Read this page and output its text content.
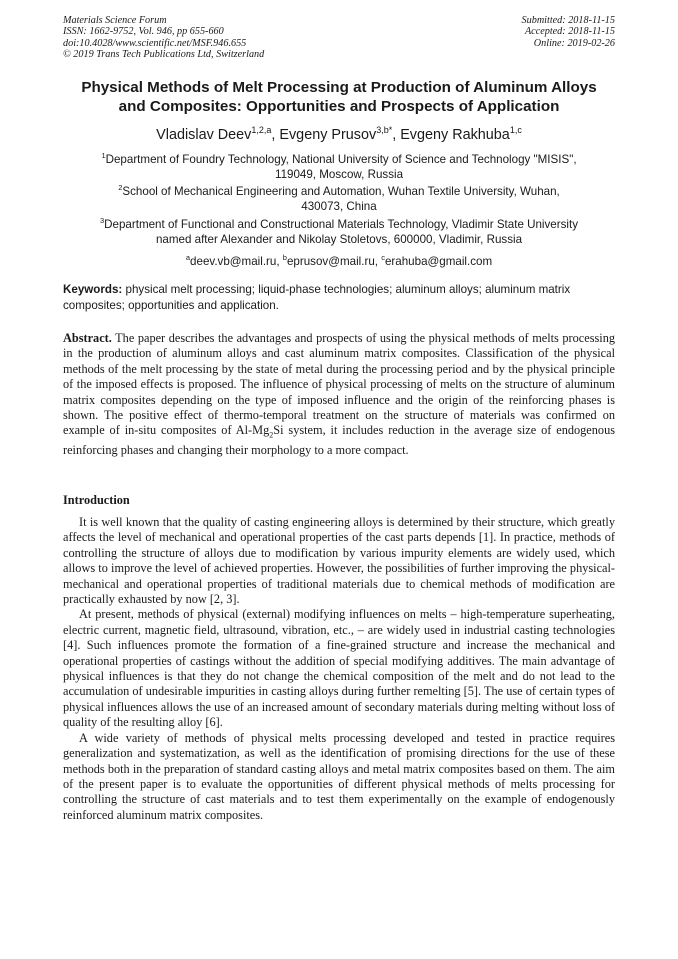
Materials Science Forum
ISSN: 1662-9752, Vol. 946, pp 655-660
doi:10.4028/www.scientific.net/MSF.946.655
© 2019 Trans Tech Publications Ltd, Switzerland
Submitted: 2018-11-15
Accepted: 2018-11-15
Online: 2019-02-26
Physical Methods of Melt Processing at Production of Aluminum Alloys
and Composites: Opportunities and Prospects of Application
Vladislav Deev$^{1,2,a}$, Evgeny Prusov$^{3,b*}$, Evgeny Rakhuba$^{1,c}$
$^1$Department of Foundry Technology, National University of Science and Technology "MISIS",
119049, Moscow, Russia
$^2$School of Mechanical Engineering and Automation, Wuhan Textile University, Wuhan,
430073, China
$^3$Department of Functional and Constructional Materials Technology, Vladimir State University
named after Alexander and Nikolay Stoletovs, 600000, Vladimir, Russia
$^a$deev.vb@mail.ru, $^b$eprusov@mail.ru, $^c$erahuba@gmail.com
Keywords: physical melt processing; liquid-phase technologies; aluminum alloys; aluminum matrix composites; opportunities and application.
Abstract. The paper describes the advantages and prospects of using the physical methods of melts processing in the production of aluminum alloys and cast aluminum matrix composites. Classification of the physical methods of the melt processing by the state of metal during the processing period and by the physical principle of the imposed effects is proposed. The influence of physical processing of melts on the structure of aluminum matrix composites depending on the type of imposed influence and the origin of the reinforcing phases is shown. The positive effect of thermo-temporal treatment on the structure of materials was confirmed on example of in-situ composites of $Al-Mg_2Si$ system, it includes reduction in the average size of endogenous reinforcing phases and changing their morphology to a more compact.
Introduction

It is well known that the quality of casting engineering alloys is determined by their structure, which greatly affects the level of mechanical and operational properties of the cast parts depends [1]. In practice, methods of controlling the structure of alloys due to modification by various impurity elements are widely used, which allows to improve the level of achieved properties. However, the possibilities of further improving the physical-mechanical and operational properties of traditional materials due to chemical methods of modification are practically exhausted by now [2, 3].

At present, methods of physical (external) modifying influences on melts – high-temperature superheating, electric current, magnetic field, ultrasound, vibration, etc., – are widely used in industrial casting technologies [4]. Such influences promote the formation of a fine-grained structure and increase the mechanical and operational properties of castings without the addition of special modifying additives. The main advantage of physical influences is that they do not change the chemical composition of the melt and do not lead to the accumulation of undesirable impurities in casting alloys during further remelting [5]. The use of certain types of physical influences allows the use of an increased amount of secondary materials during melting without loss of quality of the resulting alloy [6].

A wide variety of methods of physical melts processing developed and tested in practice requires generalization and systematization, as well as the identification of promising directions for the use of these methods both in the preparation of standard casting alloys and metal matrix composites based on them. The aim of the present paper is to evaluate the opportunities of different physical methods of melts processing for controlling the structure of cast materials and to test them experimentally on the example of endogenously reinforced aluminum matrix composites.
